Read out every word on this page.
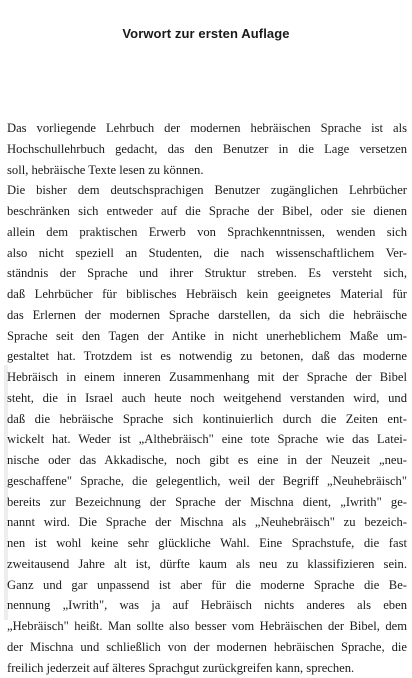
Vorwort zur ersten Auflage
Das vorliegende Lehrbuch der modernen hebräischen Sprache ist als
Hochschullehrbuch gedacht, das den Benutzer in die Lage versetzen
soll, hebräische Texte lesen zu können.
Die bisher dem deutschsprachigen Benutzer zugänglichen Lehrbücher
beschränken sich entweder auf die Sprache der Bibel, oder sie dienen
allein dem praktischen Erwerb von Sprachkenntnissen, wenden sich
also nicht speziell an Studenten, die nach wissenschaftlichem Ver-
ständnis der Sprache und ihrer Struktur streben. Es versteht sich,
daß Lehrbücher für biblisches Hebräisch kein geeignetes Material für
das Erlernen der modernen Sprache darstellen, da sich die hebräische
Sprache seit den Tagen der Antike in nicht unerheblichem Maße um-
gestaltet hat. Trotzdem ist es notwendig zu betonen, daß das moderne
Hebräisch in einem inneren Zusammenhang mit der Sprache der Bibel
steht, die in Israel auch heute noch weitgehend verstanden wird, und
daß die hebräische Sprache sich kontinuierlich durch die Zeiten ent-
wickelt hat. Weder ist „Althebräisch" eine tote Sprache wie das Latei-
nische oder das Akkadische, noch gibt es eine in der Neuzeit „neu-
geschaffene" Sprache, die gelegentlich, weil der Begriff „Neuhebräisch"
bereits zur Bezeichnung der Sprache der Mischna dient, „Iwrith" ge-
nannt wird. Die Sprache der Mischna als „Neuhebräisch" zu bezeich-
nen ist wohl keine sehr glückliche Wahl. Eine Sprachstufe, die fast
zweitausend Jahre alt ist, dürfte kaum als neu zu klassifizieren sein.
Ganz und gar unpassend ist aber für die moderne Sprache die Be-
nennung „Iwrith", was ja auf Hebräisch nichts anderes als eben
„Hebräisch" heißt. Man sollte also besser vom Hebräischen der Bibel, dem
der Mischna und schließlich von der modernen hebräischen Sprache, die
freilich jederzeit auf älteres Sprachgut zurückgreifen kann, sprechen.
